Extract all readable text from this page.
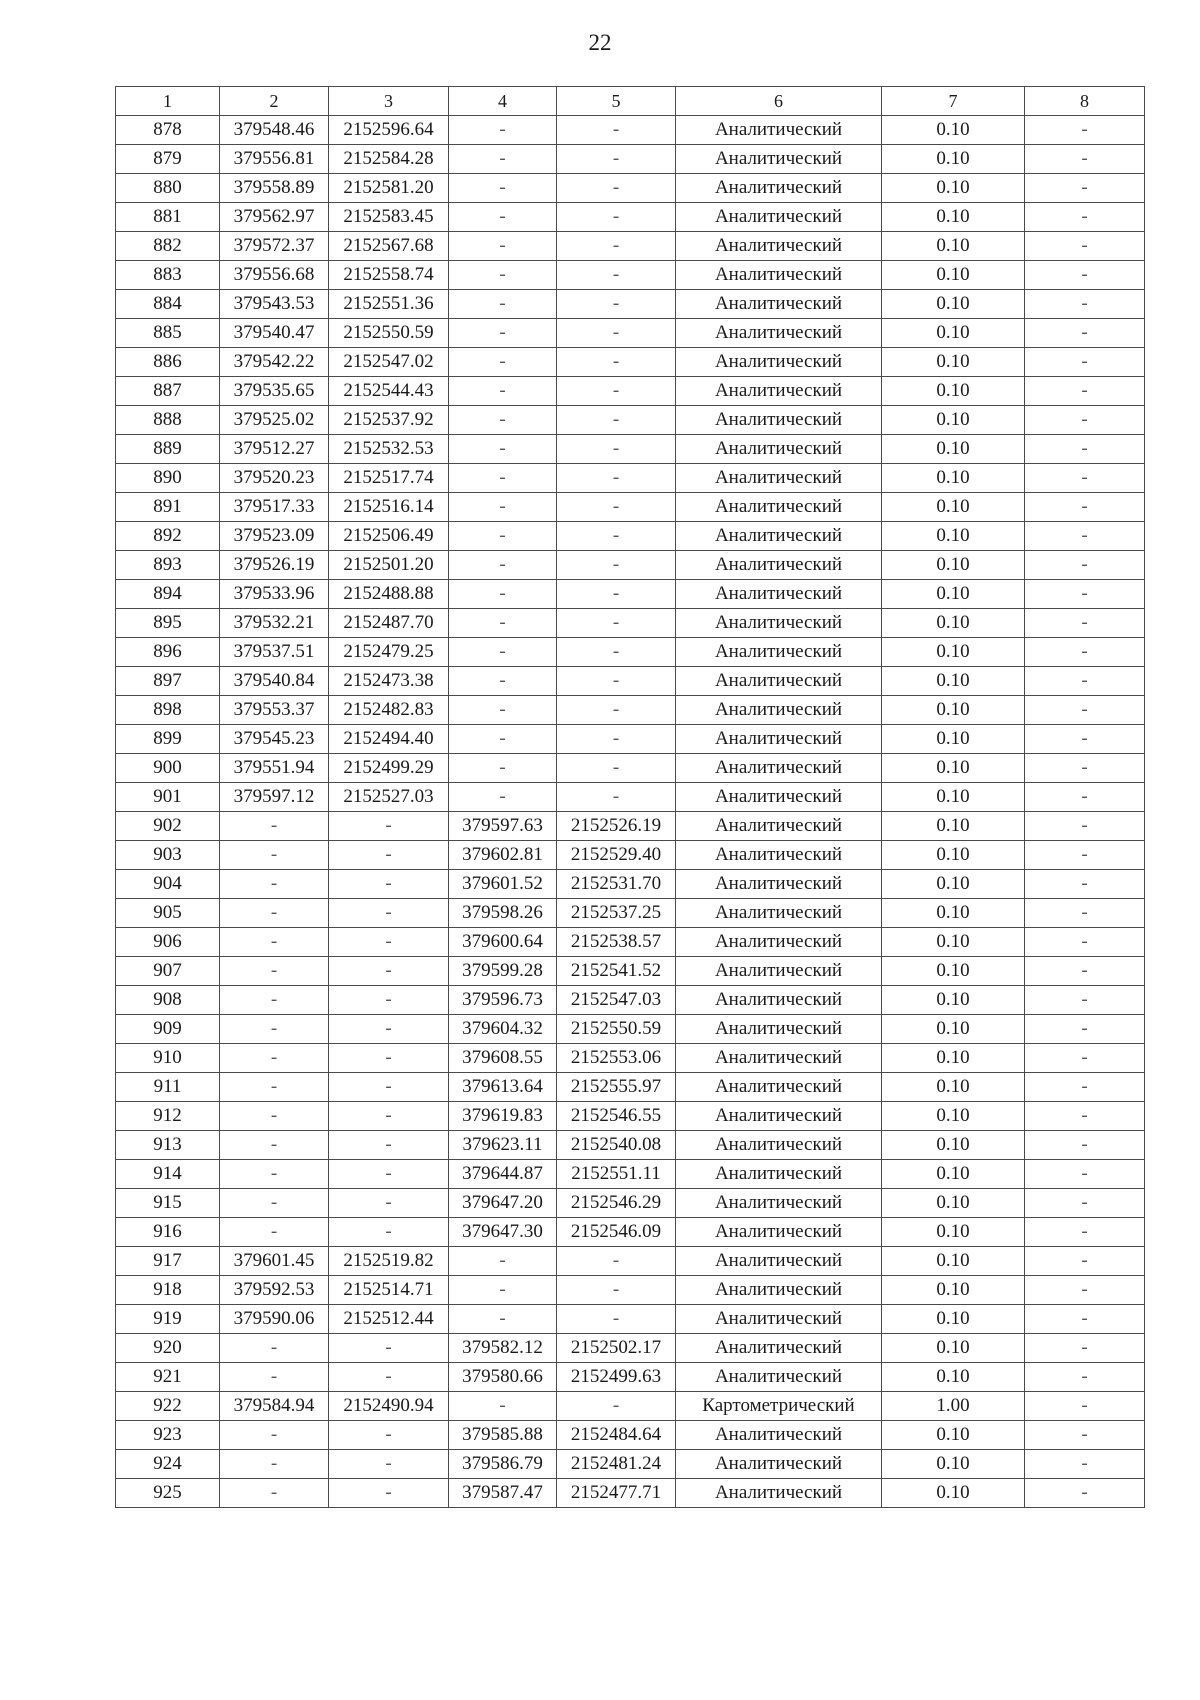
22
1	2	3	4	5	6	7	8
878	379548.46	2152596.64	-	-	Аналитический	0.10	-
879	379556.81	2152584.28	-	-	Аналитический	0.10	-
880	379558.89	2152581.20	-	-	Аналитический	0.10	-
881	379562.97	2152583.45	-	-	Аналитический	0.10	-
882	379572.37	2152567.68	-	-	Аналитический	0.10	-
883	379556.68	2152558.74	-	-	Аналитический	0.10	-
884	379543.53	2152551.36	-	-	Аналитический	0.10	-
885	379540.47	2152550.59	-	-	Аналитический	0.10	-
886	379542.22	2152547.02	-	-	Аналитический	0.10	-
887	379535.65	2152544.43	-	-	Аналитический	0.10	-
888	379525.02	2152537.92	-	-	Аналитический	0.10	-
889	379512.27	2152532.53	-	-	Аналитический	0.10	-
890	379520.23	2152517.74	-	-	Аналитический	0.10	-
891	379517.33	2152516.14	-	-	Аналитический	0.10	-
892	379523.09	2152506.49	-	-	Аналитический	0.10	-
893	379526.19	2152501.20	-	-	Аналитический	0.10	-
894	379533.96	2152488.88	-	-	Аналитический	0.10	-
895	379532.21	2152487.70	-	-	Аналитический	0.10	-
896	379537.51	2152479.25	-	-	Аналитический	0.10	-
897	379540.84	2152473.38	-	-	Аналитический	0.10	-
898	379553.37	2152482.83	-	-	Аналитический	0.10	-
899	379545.23	2152494.40	-	-	Аналитический	0.10	-
900	379551.94	2152499.29	-	-	Аналитический	0.10	-
901	379597.12	2152527.03	-	-	Аналитический	0.10	-
902	-	-	379597.63	2152526.19	Аналитический	0.10	-
903	-	-	379602.81	2152529.40	Аналитический	0.10	-
904	-	-	379601.52	2152531.70	Аналитический	0.10	-
905	-	-	379598.26	2152537.25	Аналитический	0.10	-
906	-	-	379600.64	2152538.57	Аналитический	0.10	-
907	-	-	379599.28	2152541.52	Аналитический	0.10	-
908	-	-	379596.73	2152547.03	Аналитический	0.10	-
909	-	-	379604.32	2152550.59	Аналитический	0.10	-
910	-	-	379608.55	2152553.06	Аналитический	0.10	-
911	-	-	379613.64	2152555.97	Аналитический	0.10	-
912	-	-	379619.83	2152546.55	Аналитический	0.10	-
913	-	-	379623.11	2152540.08	Аналитический	0.10	-
914	-	-	379644.87	2152551.11	Аналитический	0.10	-
915	-	-	379647.20	2152546.29	Аналитический	0.10	-
916	-	-	379647.30	2152546.09	Аналитический	0.10	-
917	379601.45	2152519.82	-	-	Аналитический	0.10	-
918	379592.53	2152514.71	-	-	Аналитический	0.10	-
919	379590.06	2152512.44	-	-	Аналитический	0.10	-
920	-	-	379582.12	2152502.17	Аналитический	0.10	-
921	-	-	379580.66	2152499.63	Аналитический	0.10	-
922	379584.94	2152490.94	-	-	Картометрический	1.00	-
923	-	-	379585.88	2152484.64	Аналитический	0.10	-
924	-	-	379586.79	2152481.24	Аналитический	0.10	-
925	-	-	379587.47	2152477.71	Аналитический	0.10	-
